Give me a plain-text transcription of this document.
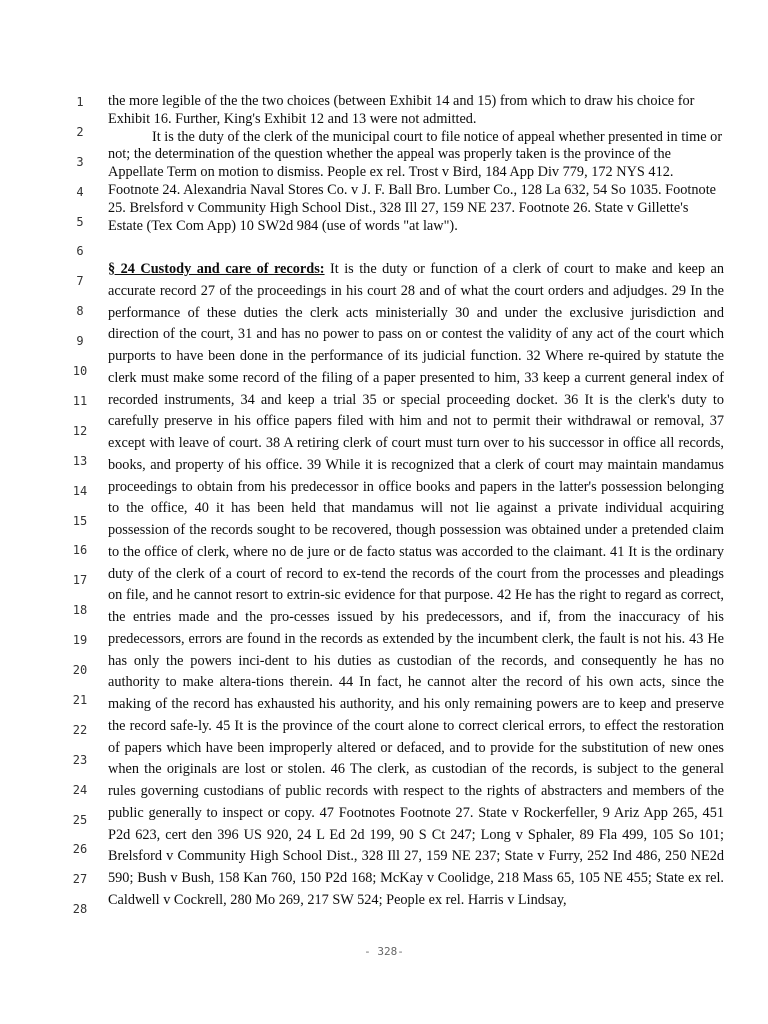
1
2
3
4
5
6
7
8
9
10
11
12
13
14
15
16
17
18
19
20
21
22
23
24
25
26
27
28

the more legible of the the two choices (between Exhibit 14 and 15) from which to draw his choice for Exhibit 16. Further, King's Exhibit 12 and 13 were not admitted.

It is the duty of the clerk of the municipal court to file notice of appeal whether presented in time or not; the determination of the question whether the appeal was properly taken is the province of the Appellate Term on motion to dismiss. People ex rel. Trost v Bird, 184 App Div 779, 172 NYS 412. Footnote 24. Alexandria Naval Stores Co. v J. F. Ball Bro. Lumber Co., 128 La 632, 54 So 1035. Footnote 25. Brelsford v Community High School Dist., 328 Ill 27, 159 NE 237. Footnote 26. State v Gillette's Estate (Tex Com App) 10 SW2d 984 (use of words "at law").

§ 24 Custody and care of records: It is the duty or function of a clerk of court to make and keep an accurate record 27 of the proceedings in his court 28 and of what the court orders and adjudges. 29 In the performance of these duties the clerk acts ministerially 30 and under the exclusive jurisdiction and direction of the court, 31 and has no power to pass on or contest the validity of any act of the court which purports to have been done in the performance of its judicial function. 32 Where re-quired by statute the clerk must make some record of the filing of a paper presented to him, 33 keep a current general index of recorded instruments, 34 and keep a trial 35 or special proceeding docket. 36 It is the clerk's duty to carefully preserve in his office papers filed with him and not to permit their withdrawal or removal, 37 except with leave of court. 38 A retiring clerk of court must turn over to his successor in office all records, books, and property of his office. 39 While it is recognized that a clerk of court may maintain mandamus proceedings to obtain from his predecessor in office books and papers in the latter's possession belonging to the office, 40 it has been held that mandamus will not lie against a private individual acquiring possession of the records sought to be recovered, though possession was obtained under a pretended claim to the office of clerk, where no de jure or de facto status was accorded to the claimant. 41 It is the ordinary duty of the clerk of a court of record to ex-tend the records of the court from the processes and pleadings on file, and he cannot resort to extrin-sic evidence for that purpose. 42 He has the right to regard as correct, the entries made and the pro-cesses issued by his predecessors, and if, from the inaccuracy of his predecessors, errors are found in the records as extended by the incumbent clerk, the fault is not his. 43 He has only the powers inci-dent to his duties as custodian of the records, and consequently he has no authority to make altera-tions therein. 44 In fact, he cannot alter the record of his own acts, since the making of the record has exhausted his authority, and his only remaining powers are to keep and preserve the record safe-ly. 45 It is the province of the court alone to correct clerical errors, to effect the restoration of papers which have been improperly altered or defaced, and to provide for the substitution of new ones when the originals are lost or stolen. 46 The clerk, as custodian of the records, is subject to the general rules governing custodians of public records with respect to the rights of abstracters and members of the public generally to inspect or copy. 47 Footnotes Footnote 27. State v Rockerfeller, 9 Ariz App 265, 451 P2d 623, cert den 396 US 920, 24 L Ed 2d 199, 90 S Ct 247; Long v Sphaler, 89 Fla 499, 105 So 101; Brelsford v Community High School Dist., 328 Ill 27, 159 NE 237; State v Furry, 252 Ind 486, 250 NE2d 590; Bush v Bush, 158 Kan 760, 150 P2d 168; McKay v Coolidge, 218 Mass 65, 105 NE 455; State ex rel. Caldwell v Cockrell, 280 Mo 269, 217 SW 524; People ex rel. Harris v Lindsay,

- 328-
